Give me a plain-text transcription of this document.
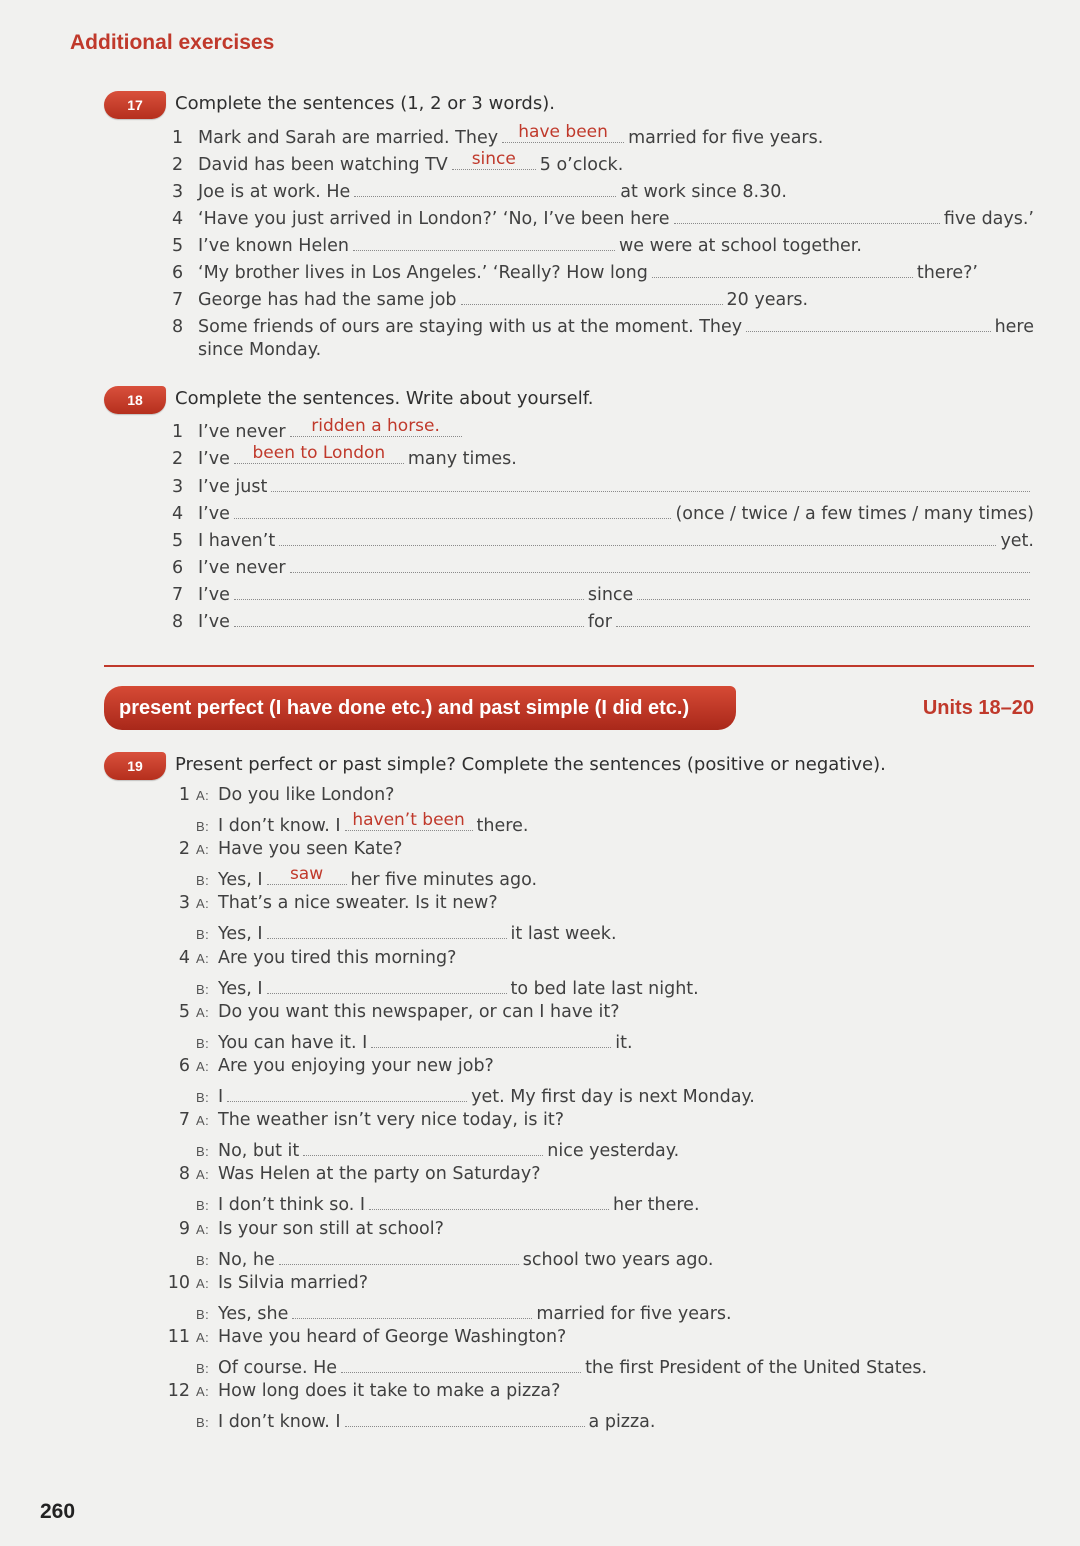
Additional exercises
17	Complete the sentences (1, 2 or 3 words).
1 Mark and Sarah are married. They	have been	married for five years.
2 David has been watching TV	since	5 o’clock.
3 Joe is at work. He	at work since 8.30.
4 ‘Have you just arrived in London?’ ‘No, I’ve been here	five days.’
5 I’ve known Helen	we were at school together.
6 ‘My brother lives in Los Angeles.’ ‘Really? How long	there?’
7 George has had the same job	20 years.
8 Some friends of ours are staying with us at the moment. They	here
since Monday.
18	Complete the sentences. Write about yourself.
1 I’ve never	ridden a horse.
2 I’ve	been to London	many times.
3 I’ve just
4 I’ve	(once / twice / a few times / many times)
5 I haven’t	yet.
6 I’ve never
7 I’ve	since
8 I’ve	for
present perfect (I have done etc.) and past simple (I did etc.)	Units 18–20
19	Present perfect or past simple? Complete the sentences (positive or negative).
1 A: Do you like London?
B: I don’t know. I haven’t been there.
2 A: Have you seen Kate?
B: Yes, I	saw	her five minutes ago.
3 A: That’s a nice sweater. Is it new?
B: Yes, I	it last week.
4 A: Are you tired this morning?
B: Yes, I	to bed late last night.
5 A: Do you want this newspaper, or can I have it?
B: You can have it. I	it.
6 A: Are you enjoying your new job?
B: I	yet. My first day is next Monday.
7 A: The weather isn’t very nice today, is it?
B: No, but it	nice yesterday.
8 A: Was Helen at the party on Saturday?
B: I don’t think so. I	her there.
9 A: Is your son still at school?
B: No, he	school two years ago.
10 A: Is Silvia married?
B: Yes, she	married for five years.
11 A: Have you heard of George Washington?
B: Of course. He	the first President of the United States.
12 A: How long does it take to make a pizza?
B: I don’t know. I	a pizza.
260
